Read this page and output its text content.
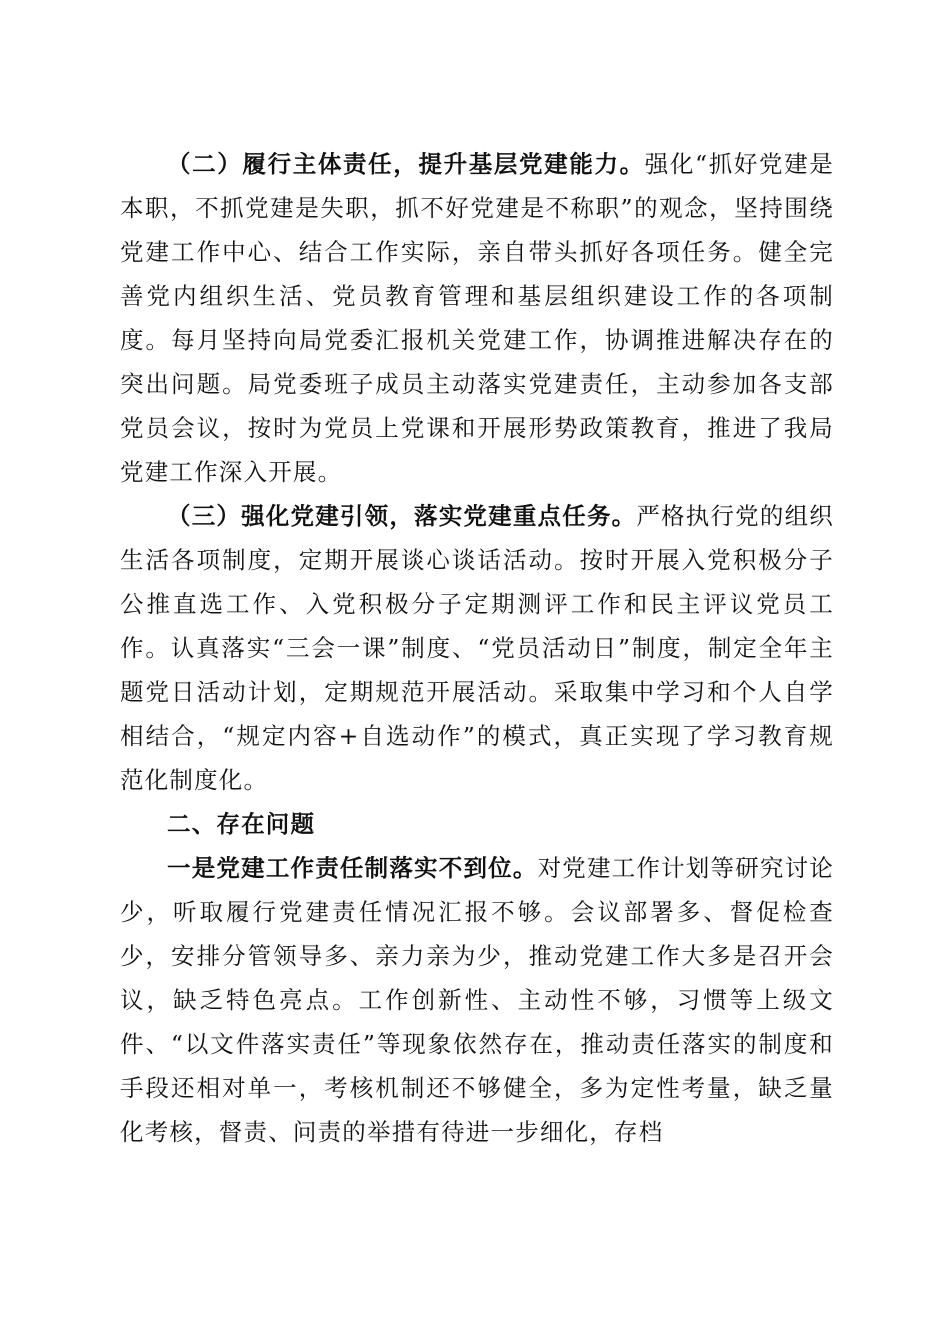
（二）履行主体责任，提升基层党建能力。强化“抓好党建是本职，不抓党建是失职，抓不好党建是不称职”的观念，坚持围绕党建工作中心、结合工作实际，亲自带头抓好各项任务。健全完善党内组织生活、党员教育管理和基层组织建设工作的各项制度。每月坚持向局党委汇报机关党建工作，协调推进解决存在的突出问题。局党委班子成员主动落实党建责任，主动参加各支部党员会议，按时为党员上党课和开展形势政策教育，推进了我局党建工作深入开展。

（三）强化党建引领，落实党建重点任务。严格执行党的组织生活各项制度，定期开展谈心谈话活动。按时开展入党积极分子公推直选工作、入党积极分子定期测评工作和民主评议党员工作。认真落实“三会一课”制度、“党员活动日”制度，制定全年主题党日活动计划，定期规范开展活动。采取集中学习和个人自学相结合，“规定内容+自选动作”的模式，真正实现了学习教育规范化制度化。

二、存在问题

一是党建工作责任制落实不到位。对党建工作计划等研究讨论少，听取履行党建责任情况汇报不够。会议部署多、督促检查少，安排分管领导多、亲力亲为少，推动党建工作大多是召开会议，缺乏特色亮点。工作创新性、主动性不够，习惯等上级文件、“以文件落实责任”等现象依然存在，推动责任落实的制度和手段还相对单一，考核机制还不够健全，多为定性考量，缺乏量化考核，督责、问责的举措有待进一步细化，存档
